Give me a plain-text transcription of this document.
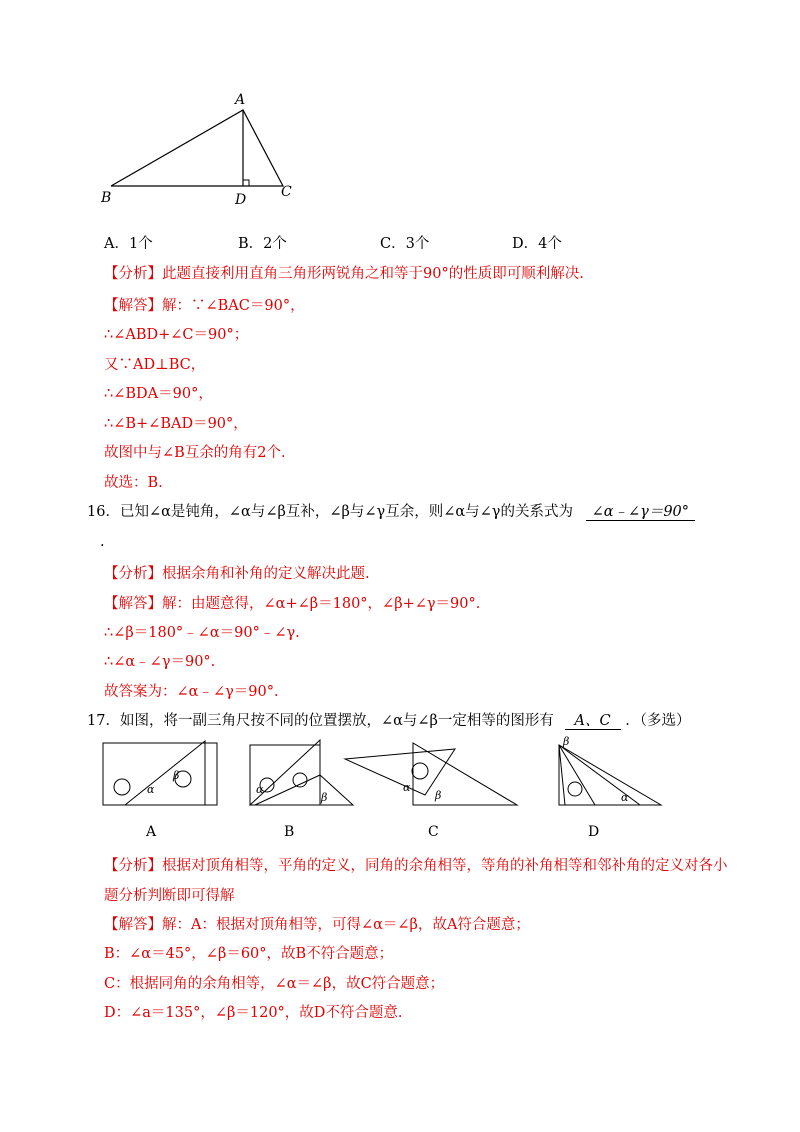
A
B	C
D
A．1个	B．2个	C．3个	D．4个
【分析】此题直接利用直角三角形两锐角之和等于90°的性质即可顺利解决.
【解答】解：∵∠BAC＝90°，
∴∠ABD+∠C＝90°；
又∵AD⊥BC，
∴∠BDA＝90°，
∴∠B+∠BAD＝90°，
故图中与∠B互余的角有2个.
故选：B.
16．已知∠α是钝角，∠α与∠β互补，∠β与∠γ互余，则∠α与∠γ的关系式为 ∠α﹣∠γ＝90°
.
【分析】根据余角和补角的定义解决此题.
【解答】解：由题意得，∠α+∠β＝180°，∠β+∠γ＝90°.
∴∠β＝180°﹣∠α＝90°﹣∠γ.
∴∠α﹣∠γ＝90°.
故答案为：∠α﹣∠γ＝90°.
17．如图，将一副三角尺按不同的位置摆放，∠α与∠β一定相等的图形有 A、C ．（多选）
α
β
α
β
α
β	α
β
A	B	C	D
【分析】根据对顶角相等，平角的定义，同角的余角相等，等角的补角相等和邻补角的定义对各小
题分析判断即可得解
【解答】解：A：根据对顶角相等，可得∠α＝∠β，故A符合题意；
B：∠α＝45°，∠β＝60°，故B不符合题意；
C：根据同角的余角相等，∠α＝∠β，故C符合题意；
D：∠a＝135°，∠β＝120°，故D不符合题意.
